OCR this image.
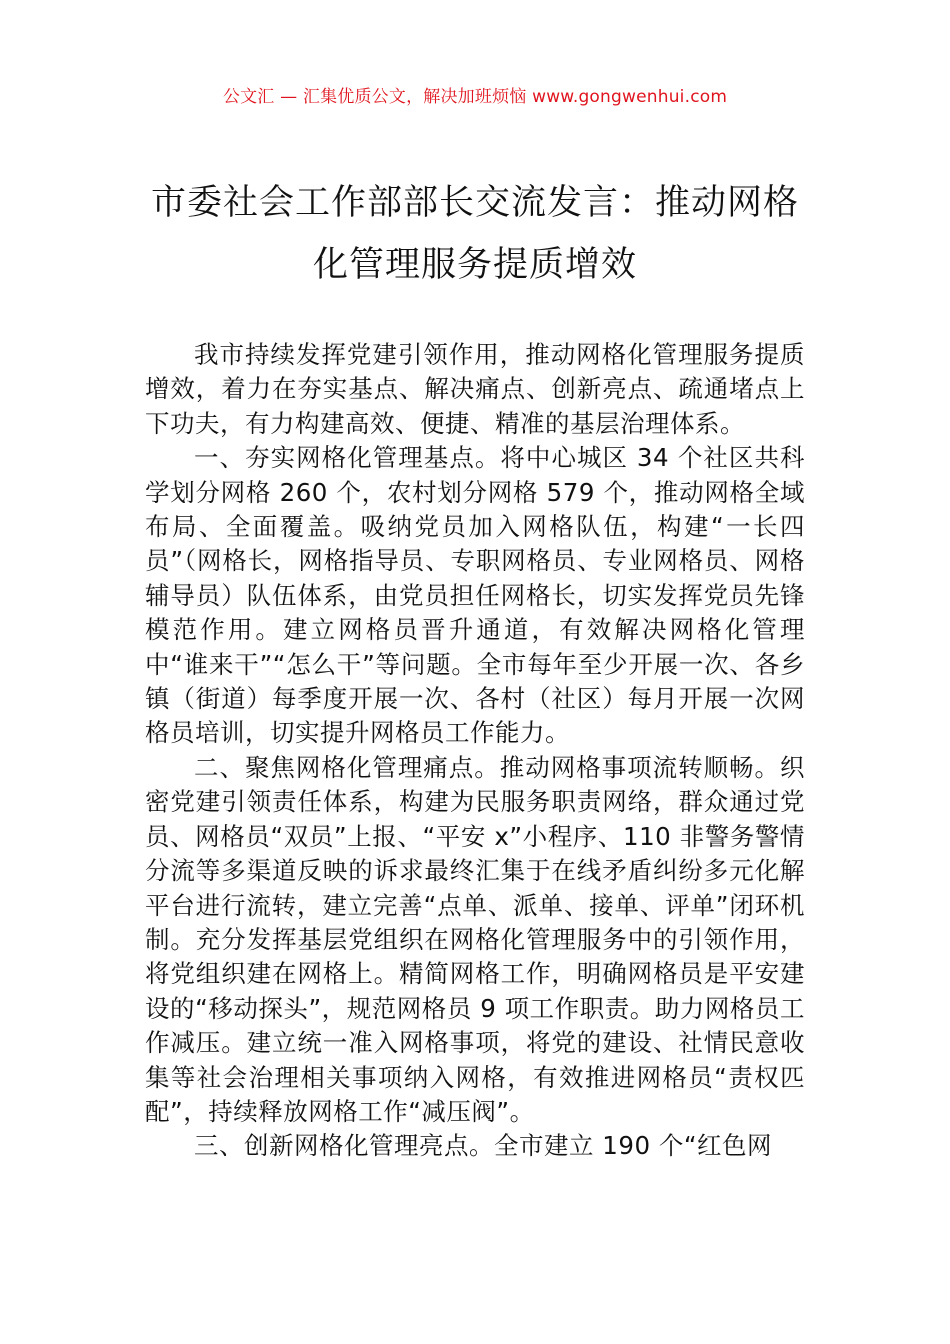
公文汇 — 汇集优质公文，解决加班烦恼 www.gongwenhui.com
市委社会工作部部长交流发言：推动网格化管理服务提质增效

我市持续发挥党建引领作用，推动网格化管理服务提质增效，着力在夯实基点、解决痛点、创新亮点、疏通堵点上下功夫，有力构建高效、便捷、精准的基层治理体系。

一、夯实网格化管理基点。将中心城区 34 个社区共科学划分网格 260 个，农村划分网格 579 个，推动网格全域布局、全面覆盖。吸纳党员加入网格队伍，构建“一长四员”（网格长，网格指导员、专职网格员、专业网格员、网格辅导员）队伍体系，由党员担任网格长，切实发挥党员先锋模范作用。建立网格员晋升通道，有效解决网格化管理中“谁来干”“怎么干”等问题。全市每年至少开展一次、各乡镇（街道）每季度开展一次、各村（社区）每月开展一次网格员培训，切实提升网格员工作能力。

二、聚焦网格化管理痛点。推动网格事项流转顺畅。织密党建引领责任体系，构建为民服务职责网络，群众通过党员、网格员“双员”上报、“平安 x”小程序、110 非警务警情分流等多渠道反映的诉求最终汇集于在线矛盾纠纷多元化解平台进行流转，建立完善“点单、派单、接单、评单”闭环机制。充分发挥基层党组织在网格化管理服务中的引领作用，将党组织建在网格上。精简网格工作，明确网格员是平安建设的“移动探头”，规范网格员 9 项工作职责。助力网格员工作减压。建立统一准入网格事项，将党的建设、社情民意收集等社会治理相关事项纳入网格，有效推进网格员“责权匹配”，持续释放网格工作“减压阀”。

三、创新网格化管理亮点。全市建立 190 个“红色网
